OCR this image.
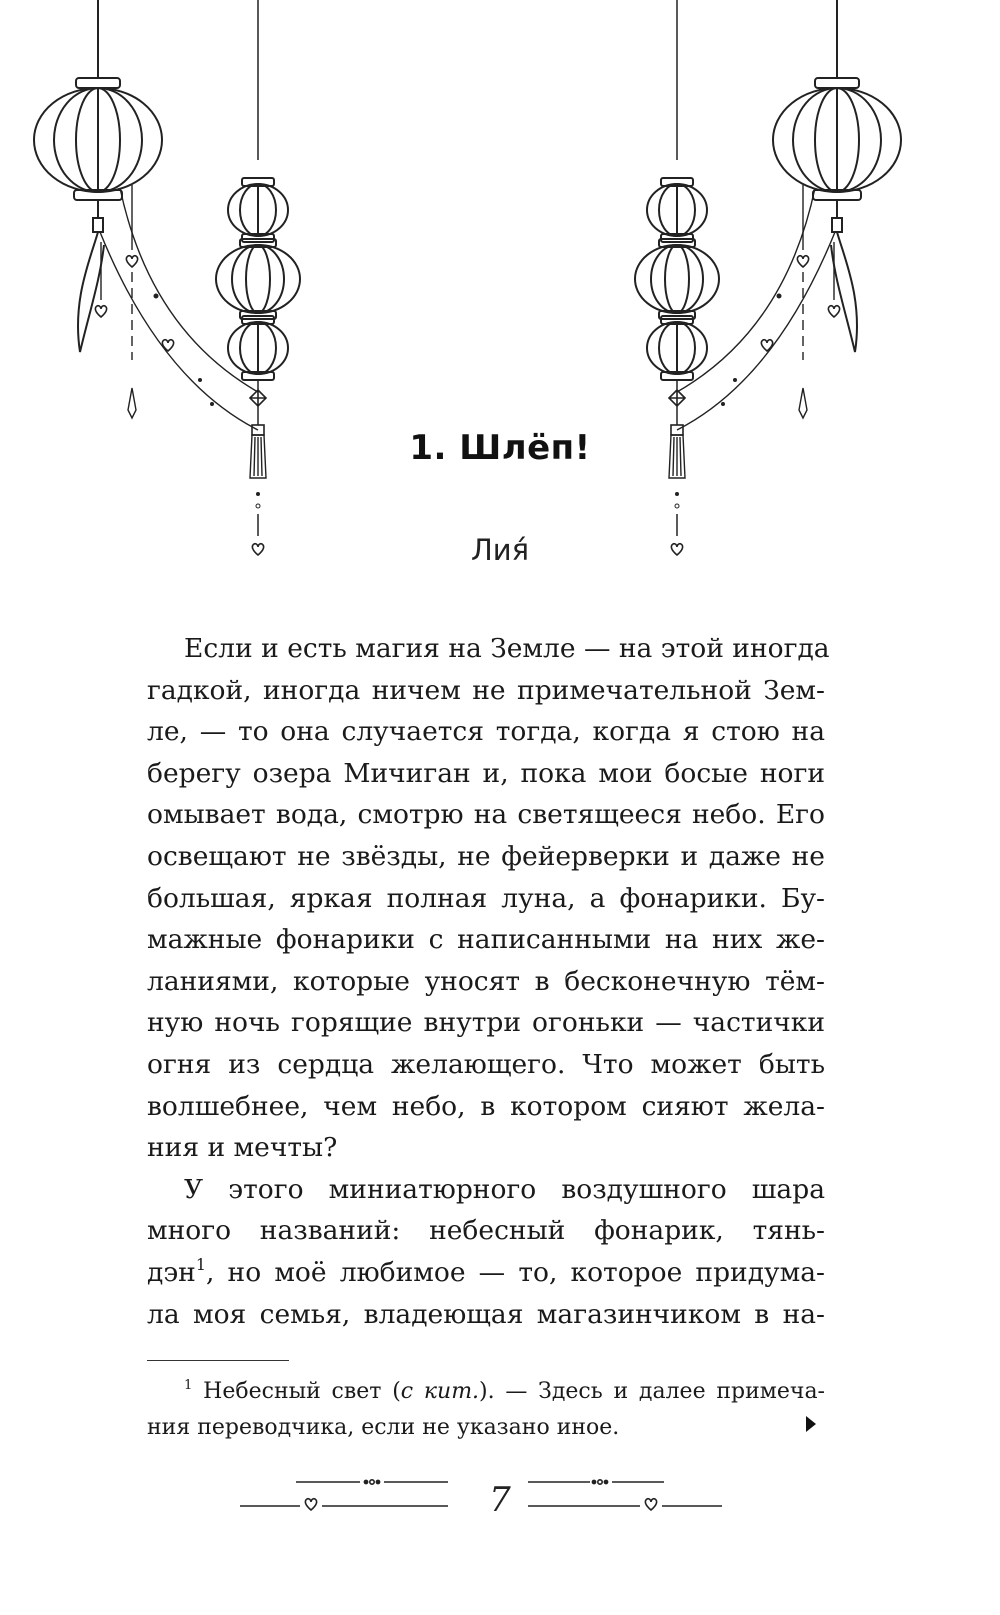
1. Шлёп!
Лия́
Если и есть магия на Земле — на этой иногда
гадкой, иногда ничем не примечательной Зем-
ле, — то она случается тогда, когда я стою на
берегу озера Мичиган и, пока мои босые ноги
омывает вода, смотрю на светящееся небо. Его
освещают не звёзды, не фейерверки и даже не
большая, яркая полная луна, а фонарики. Бу-
мажные фонарики с написанными на них же-
ланиями, которые уносят в бесконечную тём-
ную ночь горящие внутри огоньки — частички
огня из сердца желающего. Что может быть
волшебнее, чем небо, в котором сияют жела-
ния и мечты?
У этого миниатюрного воздушного шара
много названий: небесный фонарик, тянь-
дэн$^1$, но моё любимое — то, которое придума-
ла моя семья, владеющая магазинчиком в на-
$^1$ Небесный свет (с кит.). — Здесь и далее примеча-
ния переводчика, если не указано иное.
7
